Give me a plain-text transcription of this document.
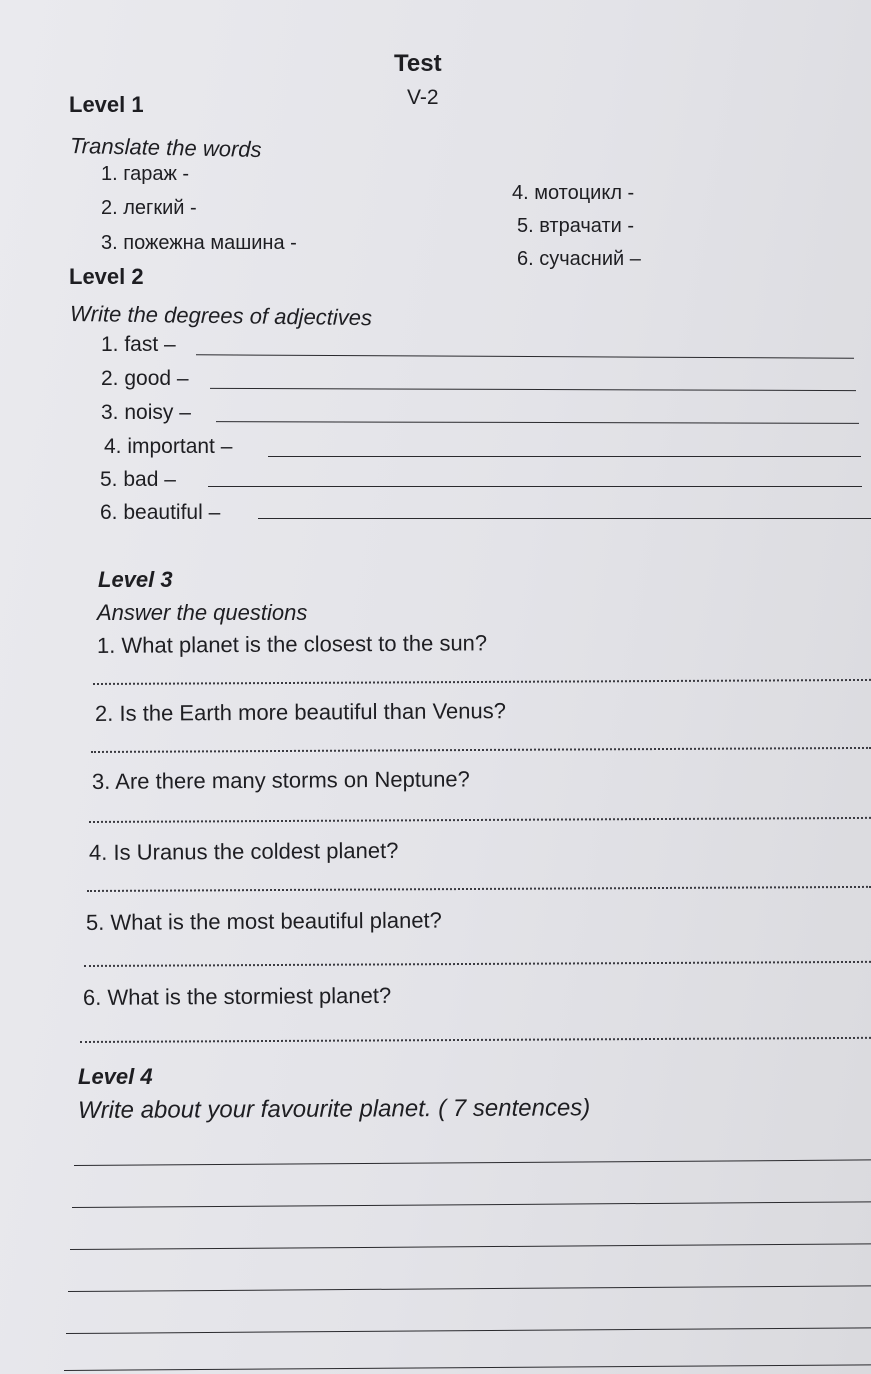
Test
V-2
Level 1
Translate the words
1. гараж -
2. легкий -
3. пожежна машина -
4. мотоцикл -
5. втрачати -
6. сучасний –
Level 2
Write the degrees of adjectives
1. fast –
2. good –
3. noisy –
4. important –
5. bad –
6. beautiful –
Level 3
Answer the questions
1. What planet is the closest to the sun?
2. Is the Earth more beautiful than Venus?
3. Are there many storms on Neptune?
4. Is Uranus the coldest planet?
5. What is the most beautiful planet?
6. What is the stormiest planet?
Level 4
Write about your favourite planet. ( 7 sentences)
